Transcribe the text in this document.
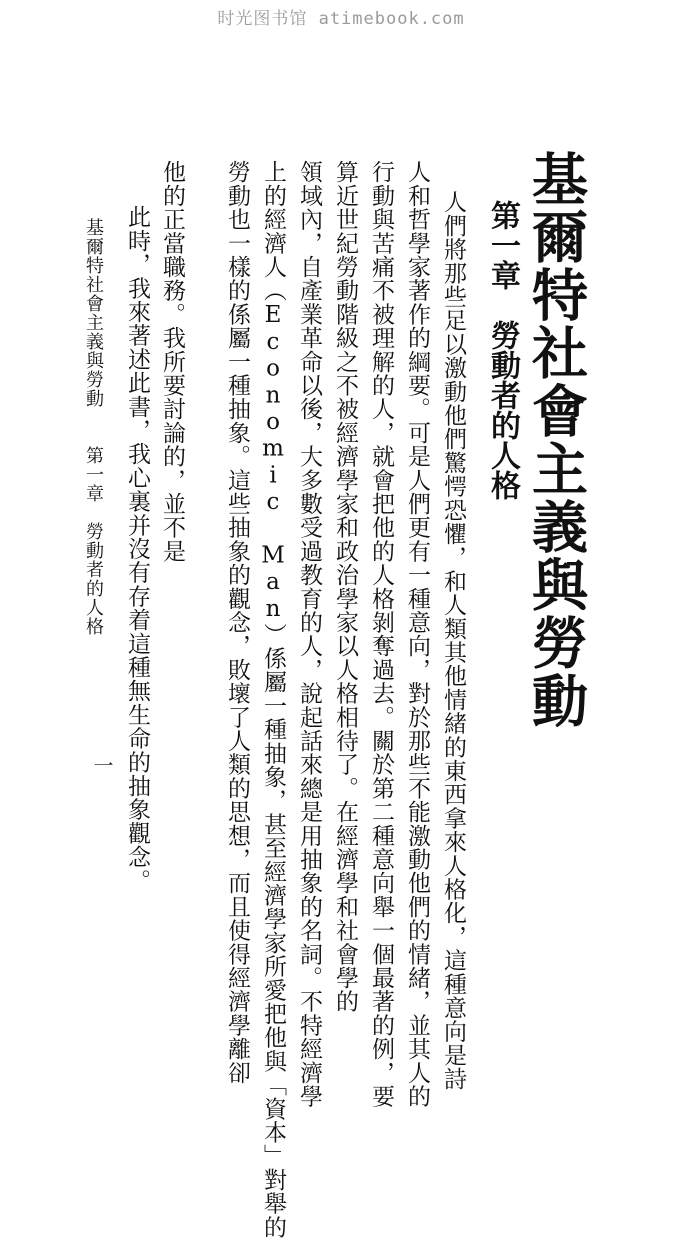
时光图书馆 atimebook.com
基爾特社會主義與勞動
第一章　勞動者的人格
人們將那些足以激動他們驚愕恐懼，和人類其他情緒的東西拿來人格化，這種意向是詩
人和哲學家著作的綱要。可是人們更有一種意向，對於那些不能激動他們的情緒，並其人的
行動與苦痛不被理解的人，就會把他的人格剝奪過去。關於第二種意向舉一個最著的例，要
算近世紀勞動階級之不被經濟學家和政治學家以人格相待了。在經濟學和社會學的
領域內，自產業革命以後，大多數受過教育的人，說起話來總是用抽象的名詞。不特經濟學
上的經濟人（Economic Man）係屬一種抽象，甚至經濟學家所愛把他與「資本」對舉的
勞動也一樣的係屬一種抽象。這些抽象的觀念，敗壞了人類的思想，而且使得經濟學離卻
他的正當職務。我所要討論的，並不是
此時，我來著述此書，我心裏并沒有存着這種無生命的抽象觀念。
基爾特社會主義與勞動　　第一章　勞動者的人格
一
